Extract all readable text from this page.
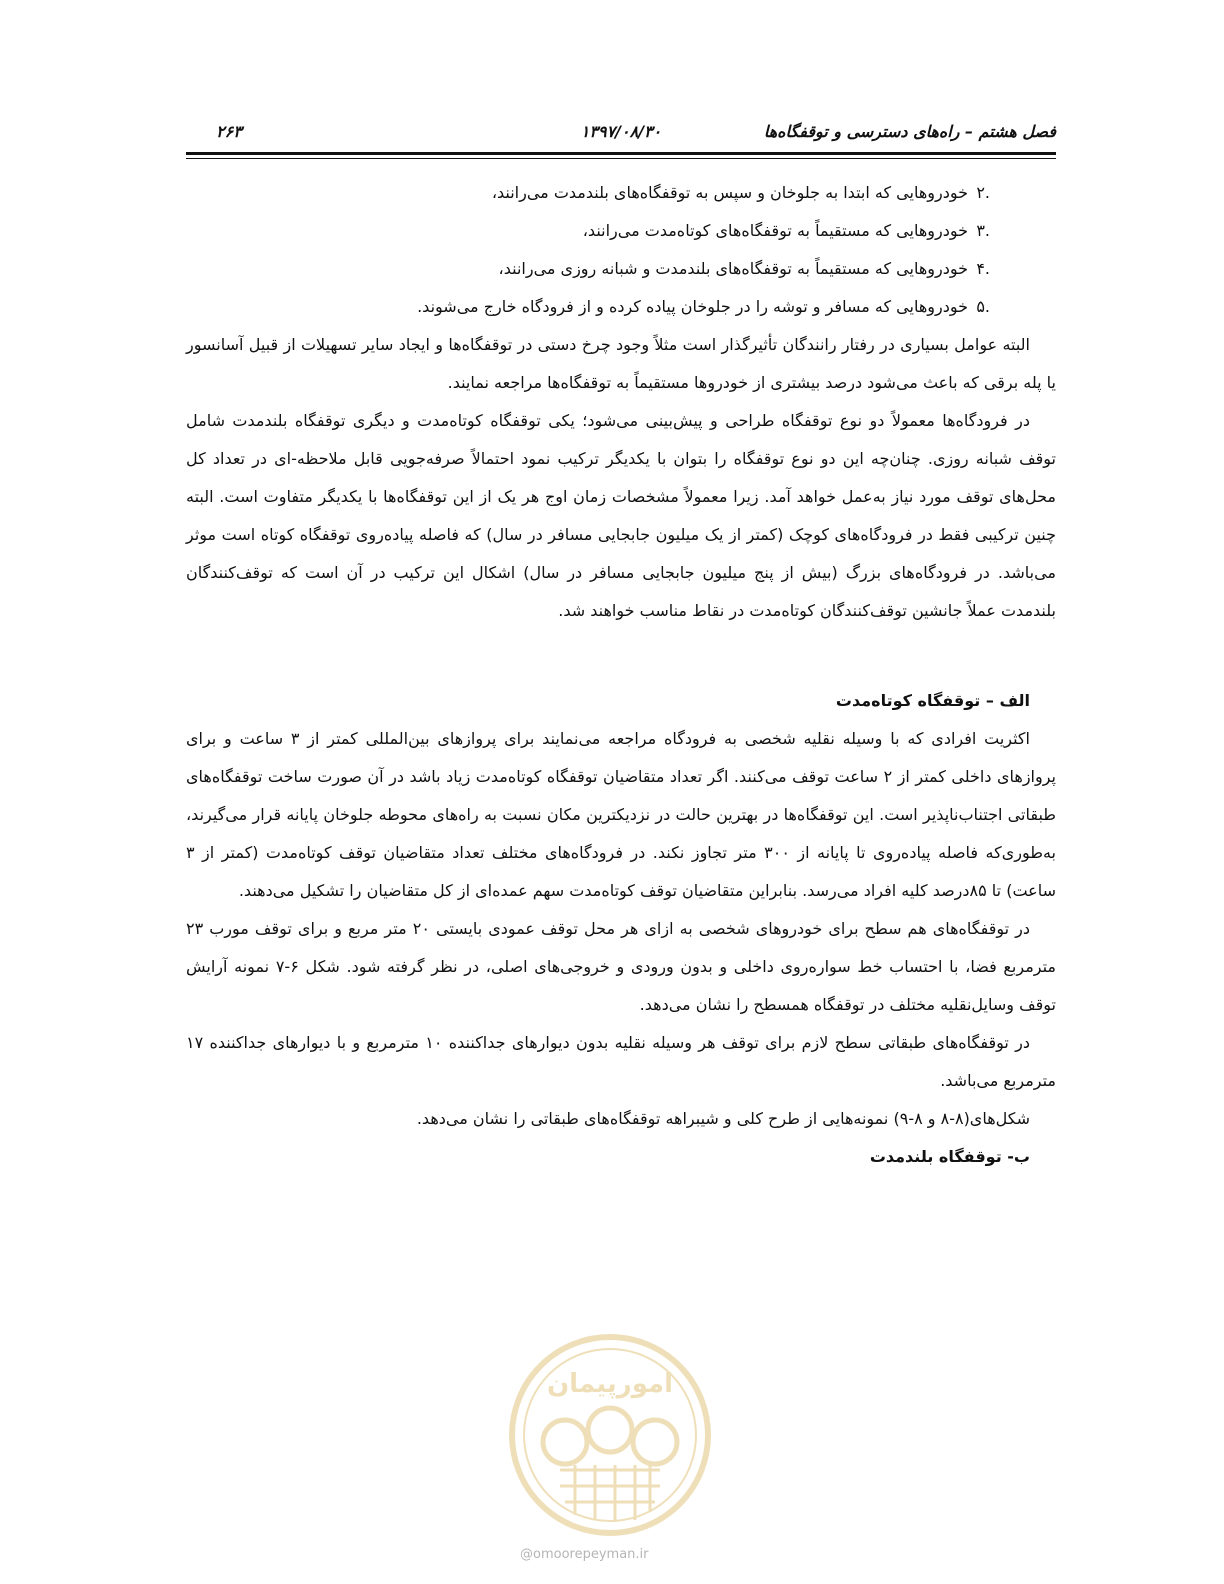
فصل هشتم – راه‌های دسترسی و توقفگاه‌ها
۱۳۹۷/۰۸/۳۰
۲۶۳
.۲
خودروهایی که ابتدا به جلوخان و سپس به توقفگاه‌های بلندمدت می‌رانند،
.۳
خودروهایی که مستقیماً به توقفگاه‌های کوتاه‌مدت می‌رانند،
.۴
خودروهایی که مستقیماً به توقفگاه‌های بلندمدت و شبانه روزی می‌رانند،
.۵
خودروهایی که مسافر و توشه را در جلوخان پیاده کرده و از فرودگاه خارج می‌شوند.

البته عوامل بسیاری در رفتار رانندگان تأثیرگذار است مثلاً وجود چرخ دستی در توقفگاه‌ها و ایجاد سایر تسهیلات از قبیل آسانسور یا پله برقی که باعث می‌شود درصد بیشتری از خودروها مستقیماً به توقفگاه‌ها مراجعه نمایند.

در فرودگاه‌ها معمولاً دو نوع توقفگاه طراحی و پیش‌بینی می‌شود؛ یکی توقفگاه کوتاه‌مدت و دیگری توقفگاه بلندمدت شامل توقف شبانه روزی. چنان‌چه این دو نوع توقفگاه را بتوان با یکدیگر ترکیب نمود احتمالاً صرفه‌جویی قابل ملاحظه-ای در تعداد کل محل‌های توقف مورد نیاز به‌عمل خواهد آمد. زیرا معمولاً مشخصات زمان اوج هر یک از این توقفگاه‌ها با یکدیگر متفاوت است. البته چنین ترکیبی فقط در فرودگاه‌های کوچک (کمتر از یک میلیون جابجایی مسافر در سال) که فاصله پیاده‌روی توقفگاه کوتاه است موثر می‌باشد. در فرودگاه‌های بزرگ (بیش از پنج میلیون جابجایی مسافر در سال) اشکال این ترکیب در آن است که توقف‌کنندگان بلندمدت عملاً جانشین توقف‌کنندگان کوتاه‌مدت در نقاط مناسب خواهند شد.

الف – توقفگاه کوتاه‌مدت

اکثریت افرادی که با وسیله نقلیه شخصی به فرودگاه مراجعه می‌نمایند برای پروازهای بین‌المللی کمتر از ۳ ساعت و برای پروازهای داخلی کمتر از ۲ ساعت توقف می‌کنند. اگر تعداد متقاضیان توقفگاه کوتاه‌مدت زیاد باشد در آن صورت ساخت توقفگاه‌های طبقاتی اجتناب‌ناپذیر است. این توقفگاه‌ها در بهترین حالت در نزدیکترین مکان نسبت به راه‌های محوطه جلوخان پایانه قرار می‌گیرند، به‌طوری‌که فاصله پیاده‌روی تا پایانه از ۳۰۰ متر تجاوز نکند. در فرودگاه‌های مختلف تعداد متقاضیان توقف کوتاه‌مدت (کمتر از ۳ ساعت) تا ۸۵درصد کلیه افراد می‌رسد. بنابراین متقاضیان توقف کوتاه‌مدت سهم عمده‌ای از کل متقاضیان را تشکیل می‌دهند.

در توقفگاه‌های هم سطح برای خودروهای شخصی به ازای هر محل توقف عمودی بایستی ۲۰ متر مربع و برای توقف مورب ۲۳ مترمربع فضا، با احتساب خط سواره‌روی داخلی و بدون ورودی و خروجی‌های اصلی، در نظر گرفته شود. شکل ۶-۷ نمونه آرایش توقف وسایل‌نقلیه مختلف در توقفگاه همسطح را نشان می‌دهد.

در توقفگاه‌های طبقاتی سطح لازم برای توقف هر وسیله نقلیه بدون دیوارهای جداکننده ۱۰ مترمربع و با دیوارهای جداکننده ۱۷ مترمربع می‌باشد.

شکل‌های(۸-۸ و ۸-۹) نمونه‌هایی از طرح کلی و شیبراهه توقفگاه‌های طبقاتی را نشان می‌دهد.

ب- توقفگاه بلندمدت

امورپیمان
@omoorepeyman.ir
